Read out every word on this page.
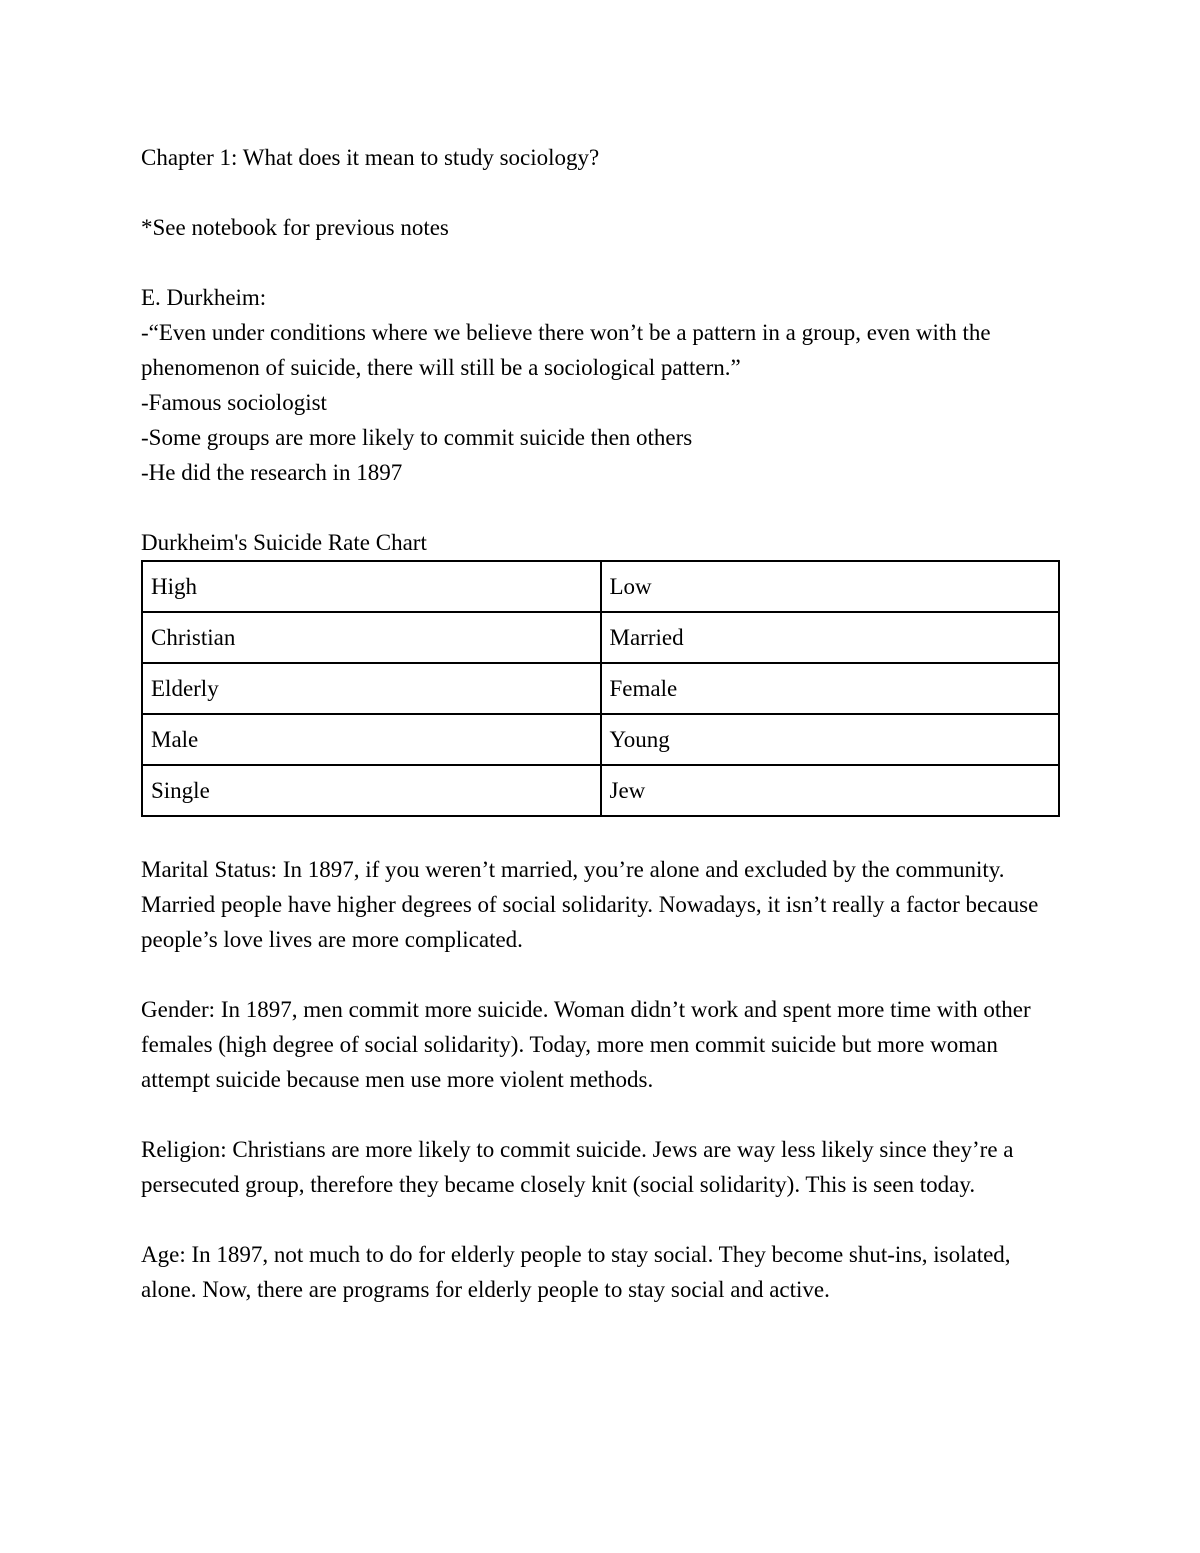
Chapter 1: What does it mean to study sociology?

*See notebook for previous notes

E. Durkheim:

-“Even under conditions where we believe there won’t be a pattern in a group, even with the phenomenon of suicide, there will still be a sociological pattern.”

-Famous sociologist

-Some groups are more likely to commit suicide then others

-He did the research in 1897

Durkheim's Suicide Rate Chart

High	Low
Christian	Married
Elderly	Female
Male	Young
Single	Jew

Marital Status: In 1897, if you weren’t married, you’re alone and excluded by the community. Married people have higher degrees of social solidarity. Nowadays, it isn’t really a factor because people’s love lives are more complicated.

Gender: In 1897, men commit more suicide. Woman didn’t work and spent more time with other females (high degree of social solidarity). Today, more men commit suicide but more woman attempt suicide because men use more violent methods.

Religion: Christians are more likely to commit suicide. Jews are way less likely since they’re a persecuted group, therefore they became closely knit (social solidarity). This is seen today.

Age: In 1897, not much to do for elderly people to stay social. They become shut-ins, isolated, alone. Now, there are programs for elderly people to stay social and active.
